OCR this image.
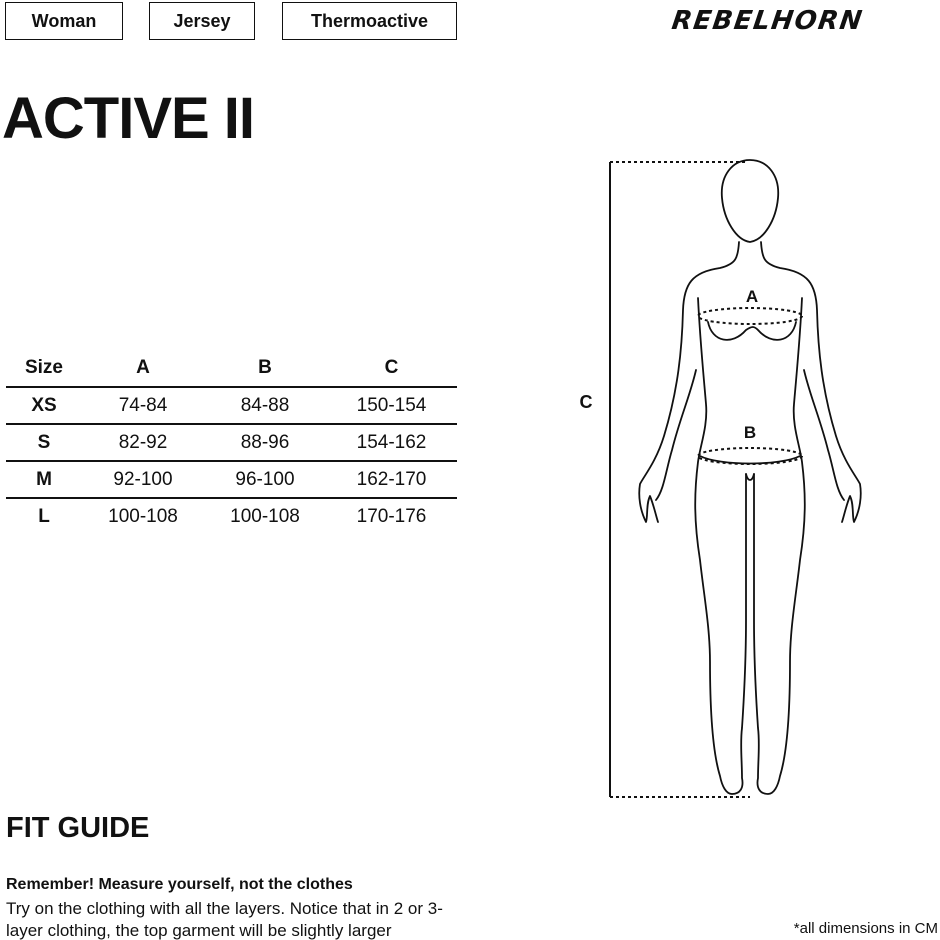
Woman	Jersey	Thermoactive	REBELHORN
ACTIVE II
Size	A	B	C
XS	74-84	84-88	150-154
S	82-92	88-96	154-162
M	92-100	96-100	162-170
L	100-108	100-108	170-176
A
B
C
FIT GUIDE
Remember! Measure yourself, not the clothes
Try on the clothing with all the layers. Notice that in 2 or 3-layer clothing, the top garment will be slightly larger	*all dimensions in CM
